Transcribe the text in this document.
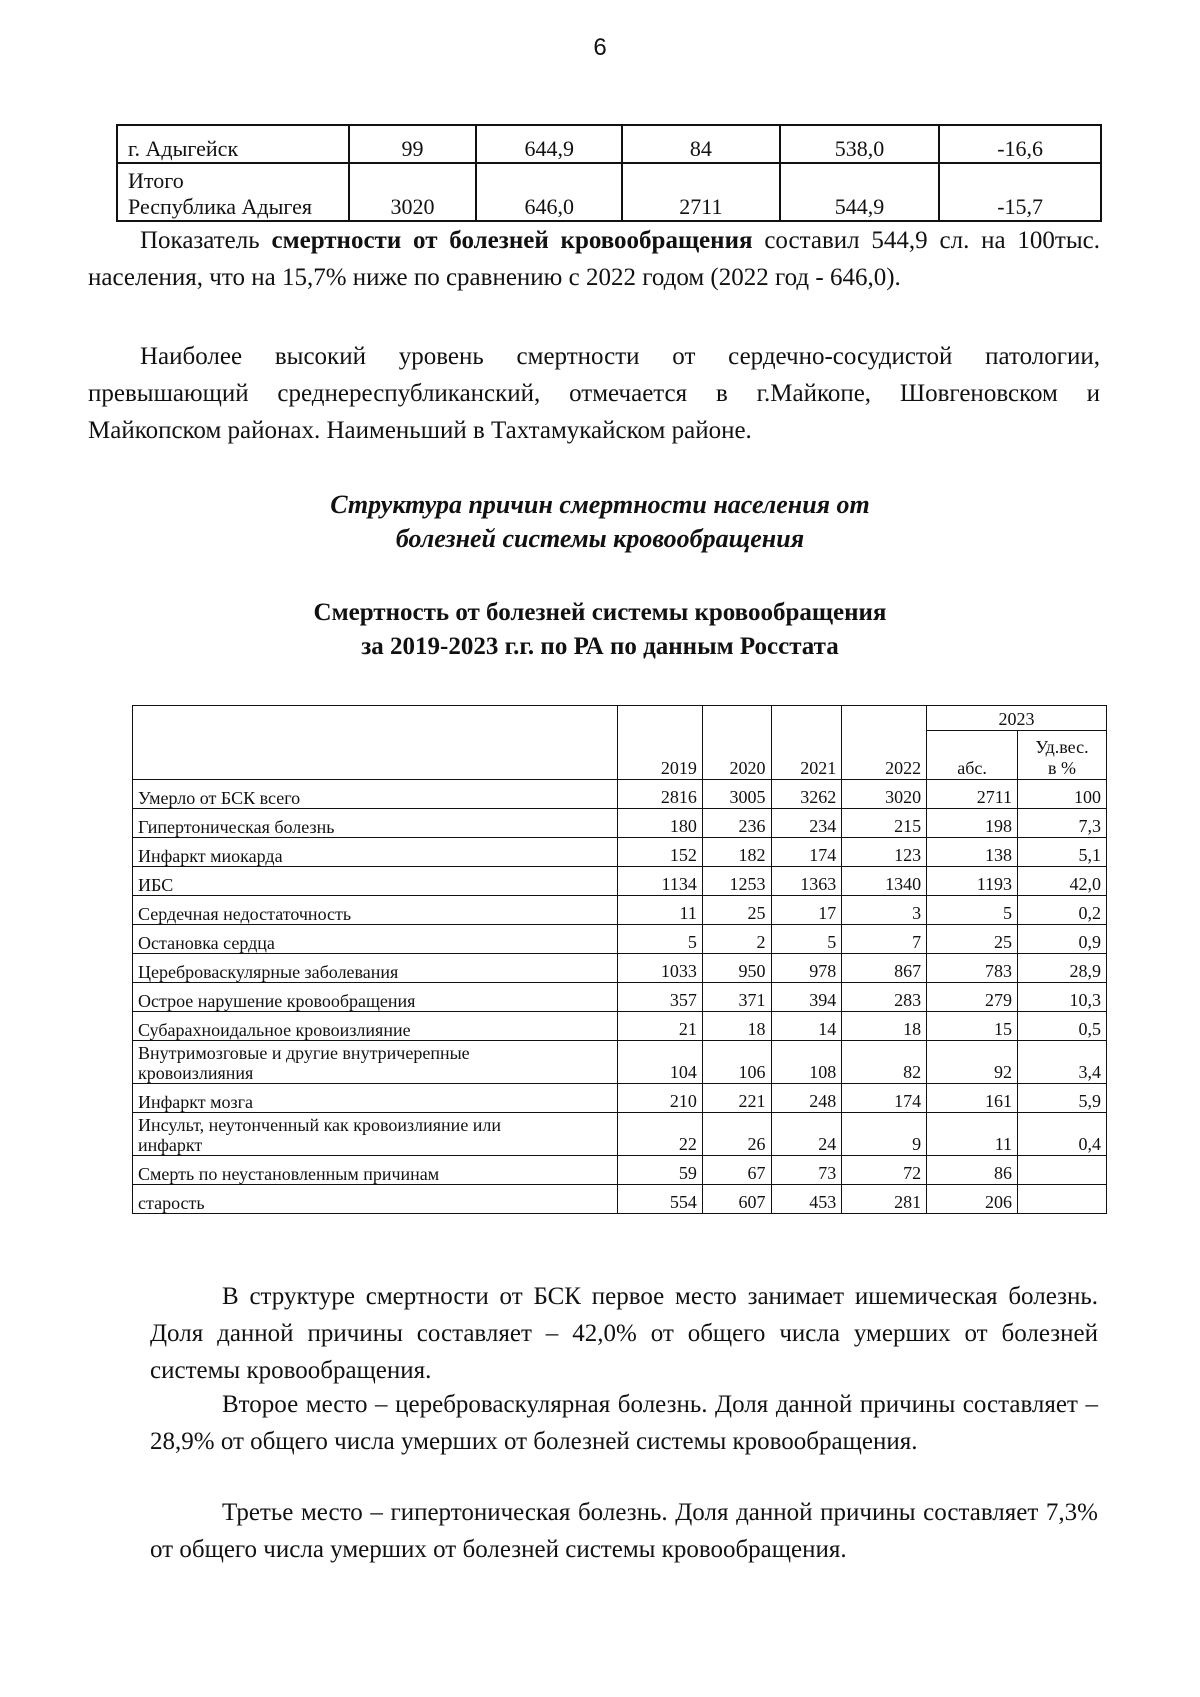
6
г. Адыгейск	99	644,9	84	538,0	-16,6

Итого
Республика Адыгея	3020	646,0	2711	544,9	-15,7

Показатель смертности от болезней кровообращения составил 544,9 сл. на 100тыс. населения, что на 15,7% ниже по сравнению с 2022 годом (2022 год - 646,0).

Наиболее высокий уровень смертности от сердечно-сосудистой патологии, превышающий среднереспубликанский, отмечается в г.Майкопе, Шовгеновском и Майкопском районах. Наименьший в Тахтамукайском районе.

Структура причин смертности населения от
болезней системы кровообращения
Смертность от болезней системы кровообращения
за 2019-2023 г.г. по РА по данным Росстата
	2019	2020	2021	2022	2023	
					абс.	Уд.вес.
в %

Умерло от БСК всего	2816	3005	3262	3020	2711	100
Гипертоническая болезнь	180	236	234	215	198	7,3
Инфаркт миокарда	152	182	174	123	138	5,1
ИБС	1134	1253	1363	1340	1193	42,0
Сердечная недостаточность	11	25	17	3	5	0,2
Остановка сердца	5	2	5	7	25	0,9
Цереброваскулярные заболевания	1033	950	978	867	783	28,9
Острое нарушение кровообращения	357	371	394	283	279	10,3
Субарахноидальное кровоизлияние	21	18	14	18	15	0,5

Внутримозговые и другие внутричерепные
кровоизлияния	104	106	108	82	92	3,4
Инфаркт мозга	210	221	248	174	161	5,9

Инсульт, неутонченный как кровоизлияние или
инфаркт	22	26	24	9	11	0,4
Смерть по неустановленным причинам	59	67	73	72	86	
старость	554	607	453	281	206	

В структуре смертности от БСК первое место занимает ишемическая болезнь. Доля данной причины составляет – 42,0% от общего числа умерших от болезней системы кровообращения.

Второе место – цереброваскулярная болезнь. Доля данной причины составляет – 28,9% от общего числа умерших от болезней системы кровообращения.

Третье место – гипертоническая болезнь. Доля данной причины составляет 7,3% от общего числа умерших от болезней системы кровообращения.
